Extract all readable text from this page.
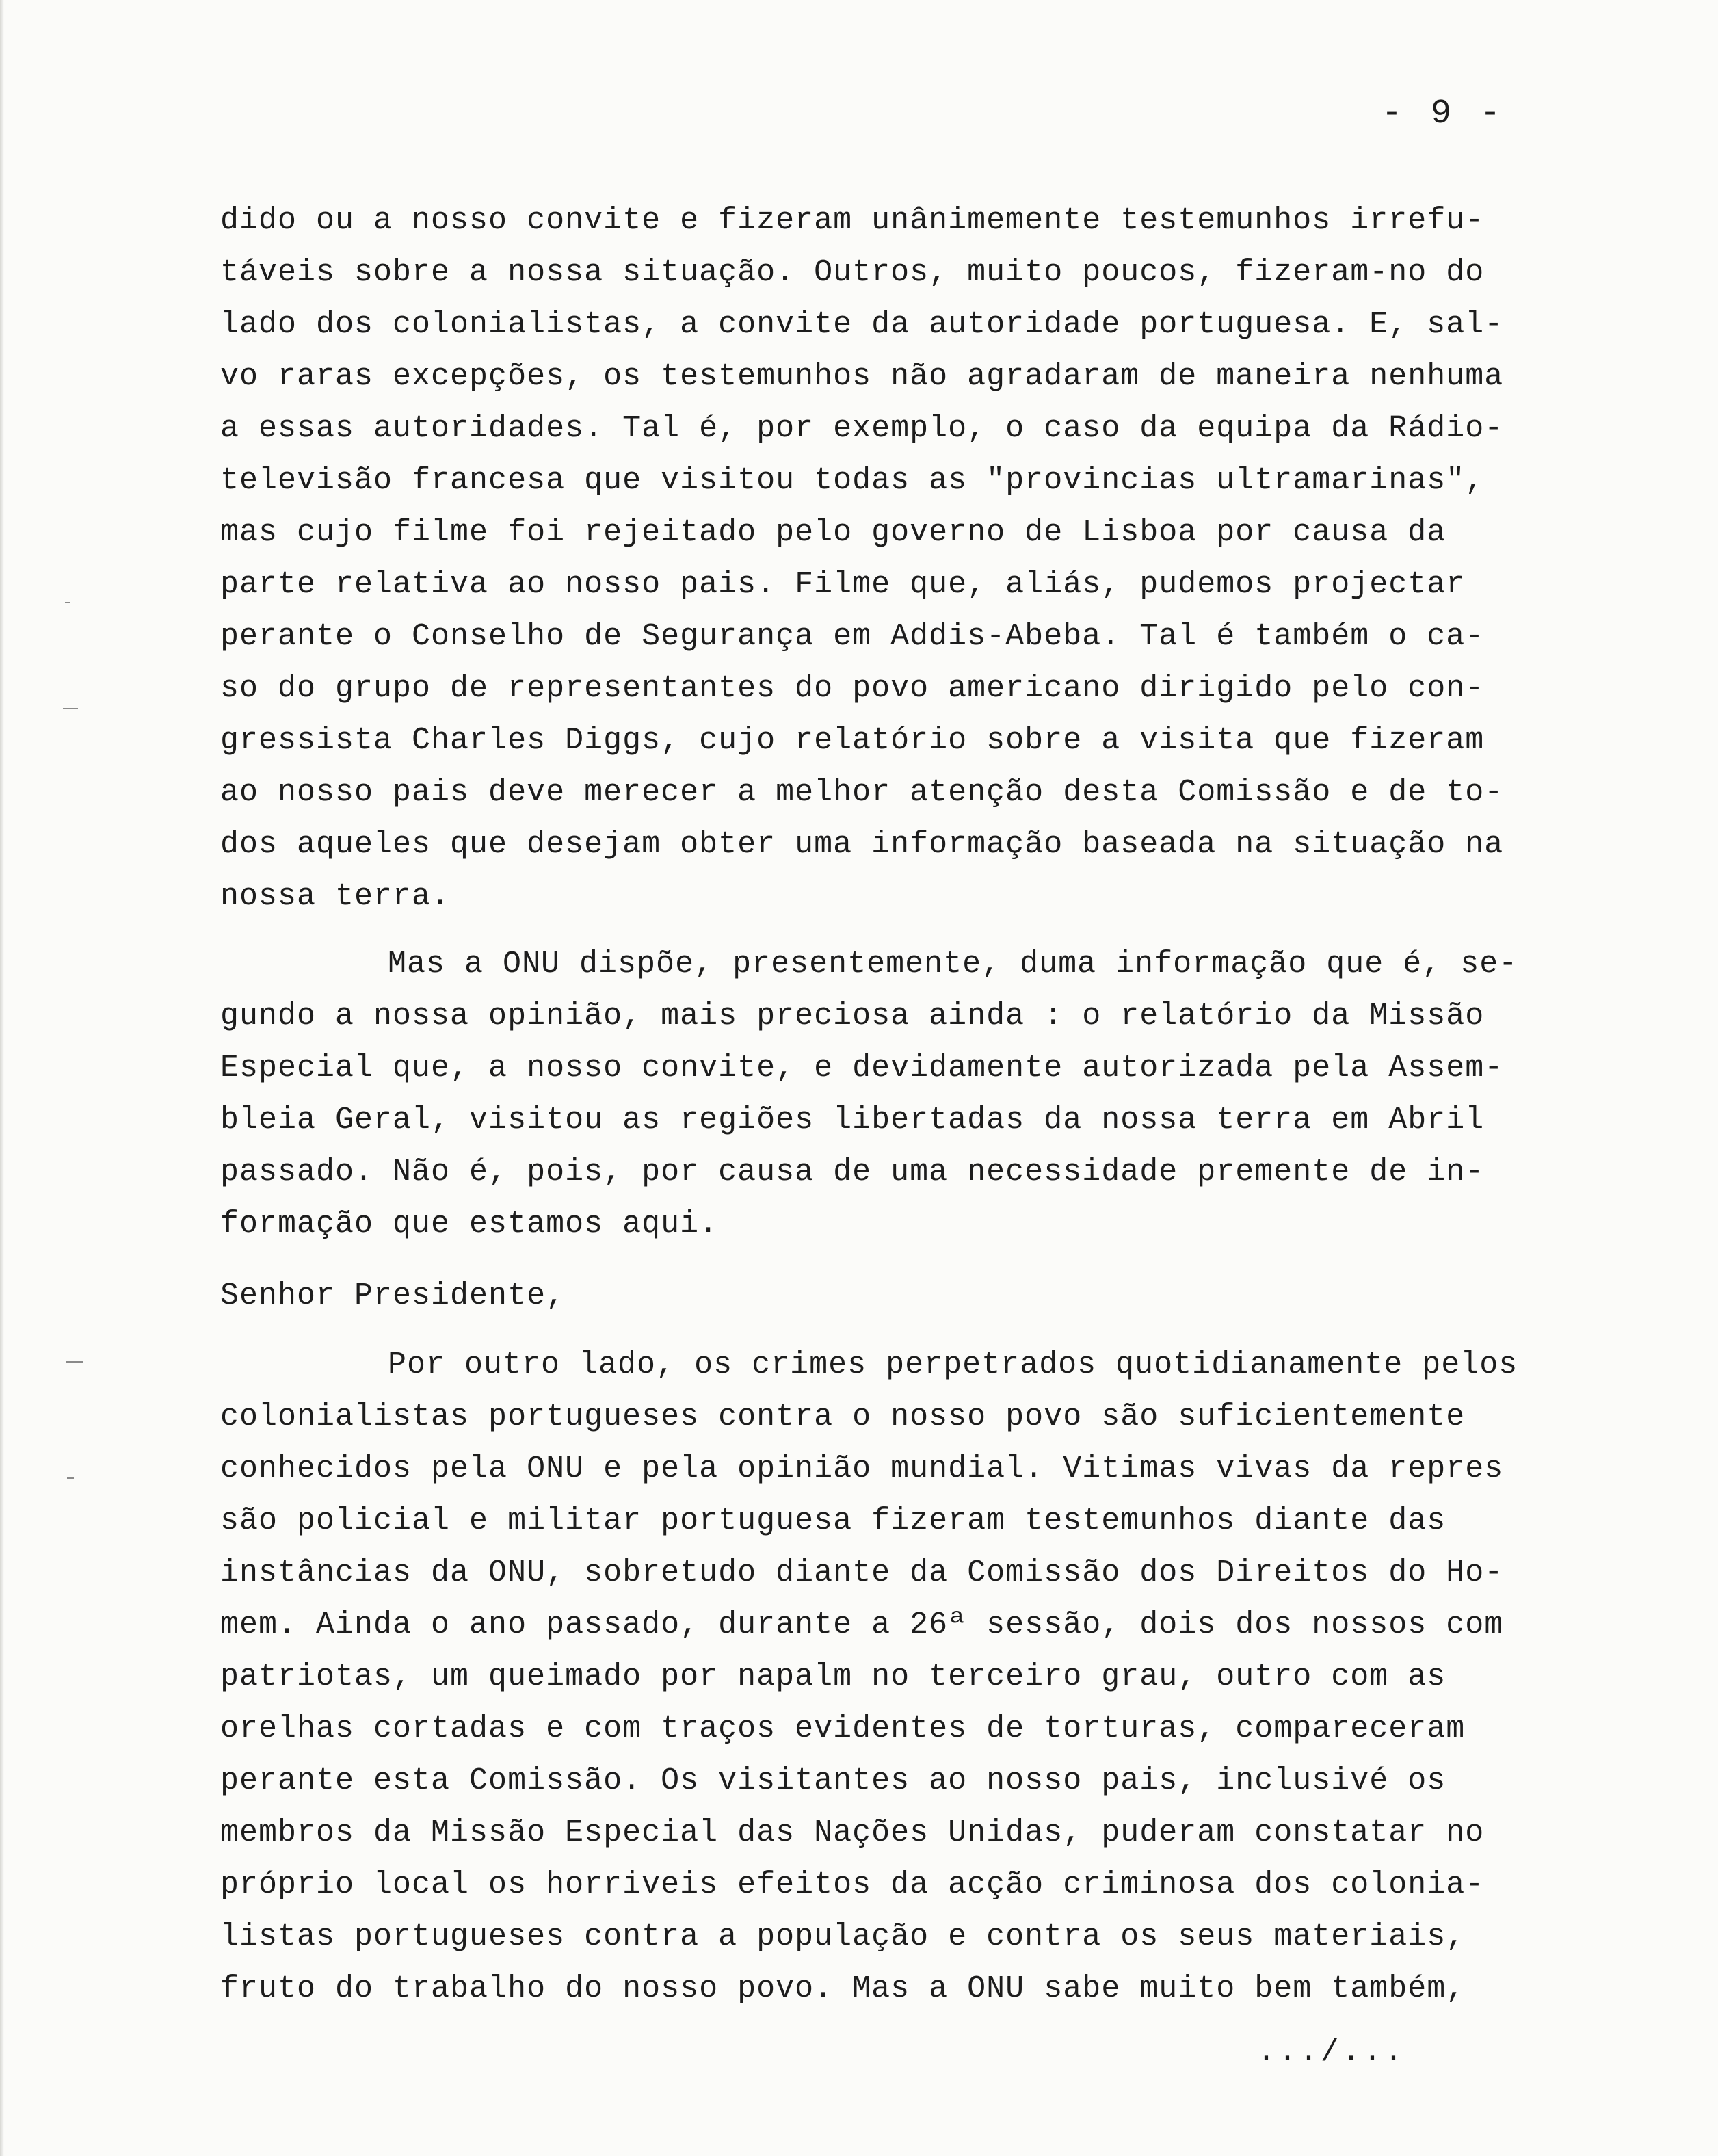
- 9 -
dido ou a nosso convite e fizeram unânimemente testemunhos irrefu-
táveis sobre a nossa situação. Outros, muito poucos, fizeram-no do
lado dos colonialistas, a convite da autoridade portuguesa. E, sal-
vo raras excepções, os testemunhos não agradaram de maneira nenhuma
a essas autoridades. Tal é, por exemplo, o caso da equipa da Rádio-
televisão francesa que visitou todas as "provincias ultramarinas",
mas cujo filme foi rejeitado pelo governo de Lisboa por causa da
parte relativa ao nosso pais. Filme que, aliás, pudemos projectar
perante o Conselho de Segurança em Addis-Abeba. Tal é também o ca-
so do grupo de representantes do povo americano dirigido pelo con-
gressista Charles Diggs, cujo relatório sobre a visita que fizeram
ao nosso pais deve merecer a melhor atenção desta Comissão e de to-
dos aqueles que desejam obter uma informação baseada na situação na
nossa terra.
Mas a ONU dispõe, presentemente, duma informação que é, se-
gundo a nossa opinião, mais preciosa ainda : o relatório da Missão
Especial que, a nosso convite, e devidamente autorizada pela Assem-
bleia Geral, visitou as regiões libertadas da nossa terra em Abril
passado. Não é, pois, por causa de uma necessidade premente de in-
formação que estamos aqui.
Senhor Presidente,
Por outro lado, os crimes perpetrados quotidianamente pelos
colonialistas portugueses contra o nosso povo são suficientemente
conhecidos pela ONU e pela opinião mundial. Vitimas vivas da repres
são policial e militar portuguesa fizeram testemunhos diante das
instâncias da ONU, sobretudo diante da Comissão dos Direitos do Ho-
mem. Ainda o ano passado, durante a 26ª sessão, dois dos nossos com
patriotas, um queimado por napalm no terceiro grau, outro com as
orelhas cortadas e com traços evidentes de torturas, compareceram
perante esta Comissão. Os visitantes ao nosso pais, inclusivé os
membros da Missão Especial das Nações Unidas, puderam constatar no
próprio local os horriveis efeitos da acção criminosa dos colonia-
listas portugueses contra a população e contra os seus materiais,
fruto do trabalho do nosso povo. Mas a ONU sabe muito bem também,
.../...
